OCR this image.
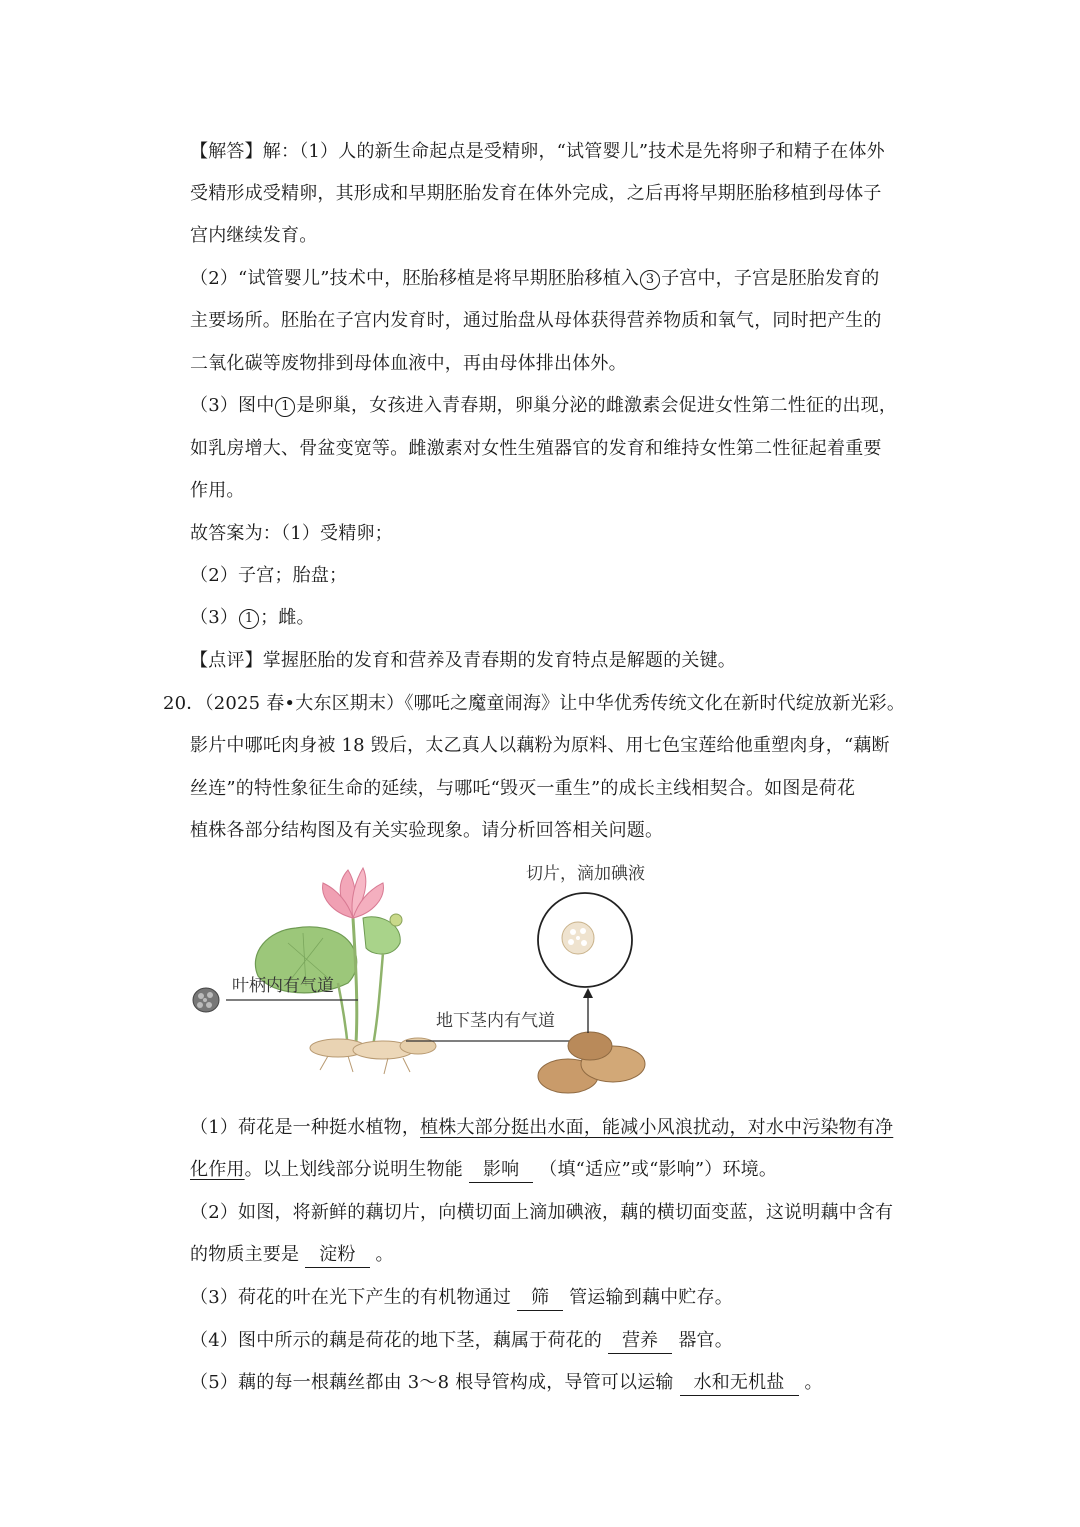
【解答】解：（1）人的新生命起点是受精卵，“试管婴儿”技术是先将卵子和精子在体外
受精形成受精卵，其形成和早期胚胎发育在体外完成，之后再将早期胚胎移植到母体子
宫内继续发育。
（2）“试管婴儿”技术中，胚胎移植是将早期胚胎移植入 3 子宫中，子宫是胚胎发育的
主要场所。胚胎在子宫内发育时，通过胎盘从母体获得营养物质和氧气，同时把产生的
二氧化碳等废物排到母体血液中，再由母体排出体外。
（3）图中 1 是卵巢，女孩进入青春期，卵巢分泌的雌激素会促进女性第二性征的出现，
如乳房增大、骨盆变宽等。雌激素对女性生殖器官的发育和维持女性第二性征起着重要
作用。
故答案为：（1）受精卵；
（2）子宫；胎盘；
（3） 1 ；雌。
【点评】掌握胚胎的发育和营养及青春期的发育特点是解题的关键。
20．（2025 春•大东区期末）《哪吒之魔童闹海》让中华优秀传统文化在新时代绽放新光彩。
影片中哪吒肉身被 18 毁后，太乙真人以藕粉为原料、用七色宝莲给他重塑肉身，“藕断
丝连”的特性象征生命的延续，与哪吒“毁灭一重生”的成长主线相契合。如图是荷花
植株各部分结构图及有关实验现象。请分析回答相关问题。
切片，滴加碘液
叶柄内有气道
地下茎内有气道
（1）荷花是一种挺水植物，植株大部分挺出水面，能减小风浪扰动，对水中污染物有净
化作用。以上划线部分说明生物能 影响 （填“适应”或“影响”）环境。
（2）如图，将新鲜的藕切片，向横切面上滴加碘液，藕的横切面变蓝，这说明藕中含有
的物质主要是 淀粉 。
（3）荷花的叶在光下产生的有机物通过 筛 管运输到藕中贮存。
（4）图中所示的藕是荷花的地下茎，藕属于荷花的 营养 器官。
（5）藕的每一根藕丝都由 3～8 根导管构成，导管可以运输 水和无机盐 。
